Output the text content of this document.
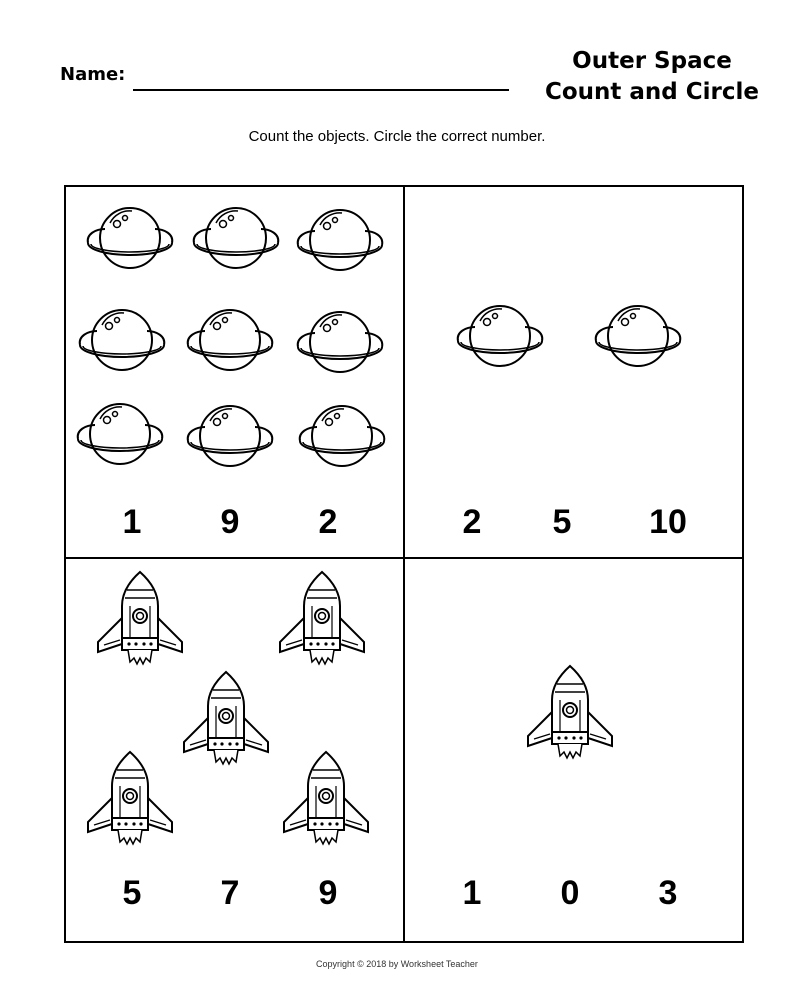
Name:
Outer Space
Count and Circle
Count the objects. Circle the correct number.
1	9	2	2	5	10
5	7	9	1	0	3
Copyright © 2018 by Worksheet Teacher
